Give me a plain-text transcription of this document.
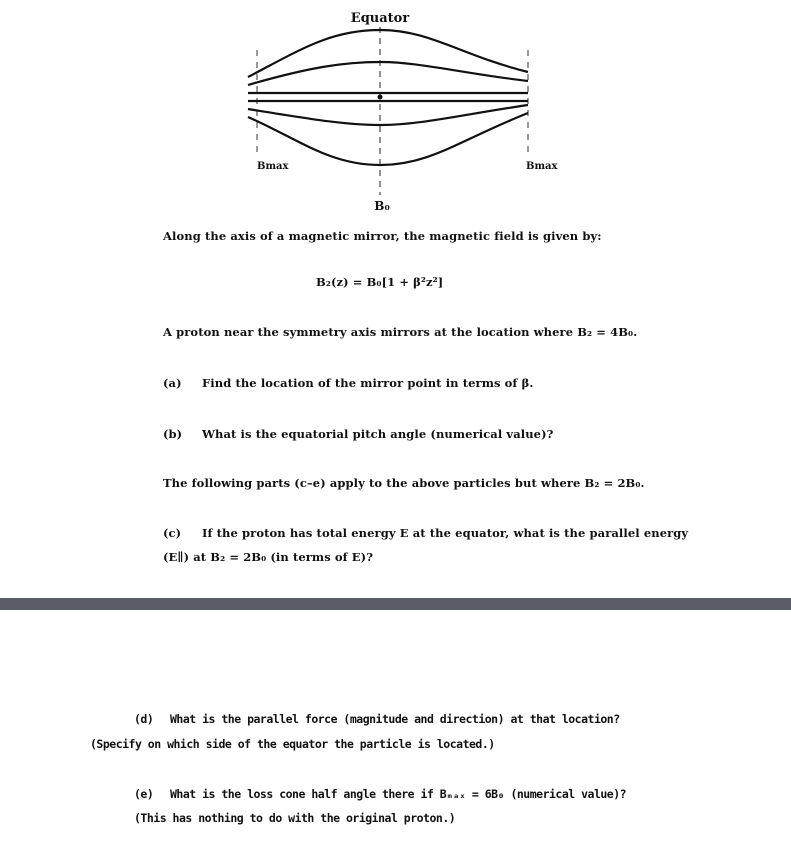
Equator
Bmax	Bmax
B₀
Along the axis of a magnetic mirror, the magnetic field is given by:
B₂(z) = B₀[1 + β²z²]
A proton near the symmetry axis mirrors at the location where B₂ = 4B₀.
(a) Find the location of the mirror point in terms of β.
(b) What is the equatorial pitch angle (numerical value)?
The following parts (c–e) apply to the above particles but where B₂ = 2B₀.
(c) If the proton has total energy E at the equator, what is the parallel energy
(E∥) at B₂ = 2B₀ (in terms of E)?
(d) What is the parallel force (magnitude and direction) at that location?
(Specify on which side of the equator the particle is located.)
(e) What is the loss cone half angle there if Bₘₐₓ = 6B₀ (numerical value)?
(This has nothing to do with the original proton.)
